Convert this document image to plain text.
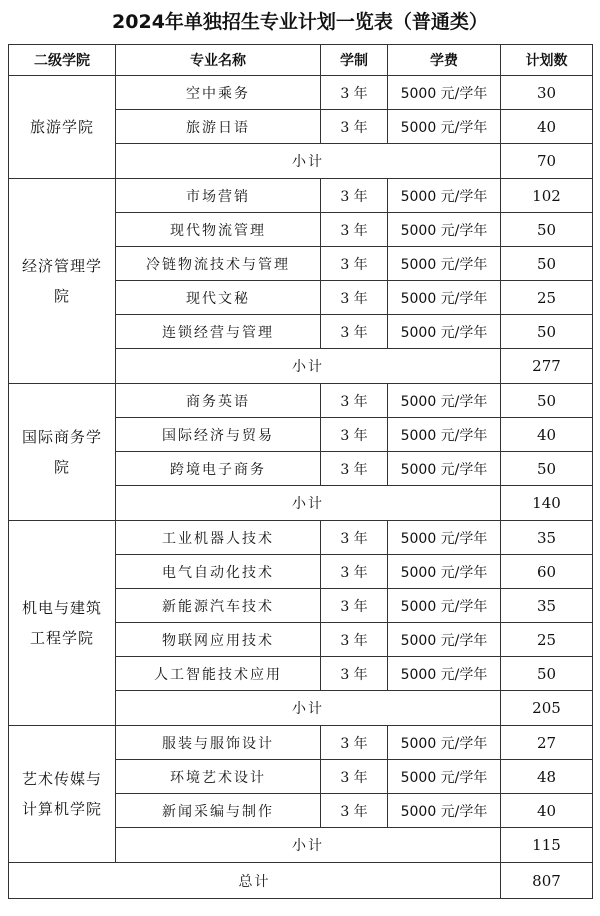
2024年单独招生专业计划一览表（普通类）
二级学院	专业名称	学制	学费	计划数
旅游学院	空中乘务	3 年	5000 元/学年	30
	旅游日语	3 年	5000 元/学年	40
	小计			70
经济管理学院	市场营销	3 年	5000 元/学年	102
	现代物流管理	3 年	5000 元/学年	50
	冷链物流技术与管理	3 年	5000 元/学年	50
	现代文秘	3 年	5000 元/学年	25
	连锁经营与管理	3 年	5000 元/学年	50
	小计			277
国际商务学院	商务英语	3 年	5000 元/学年	50
	国际经济与贸易	3 年	5000 元/学年	40
	跨境电子商务	3 年	5000 元/学年	50
	小计			140
机电与建筑工程学院	工业机器人技术	3 年	5000 元/学年	35
	电气自动化技术	3 年	5000 元/学年	60
	新能源汽车技术	3 年	5000 元/学年	35
	物联网应用技术	3 年	5000 元/学年	25
	人工智能技术应用	3 年	5000 元/学年	50
	小计			205
艺术传媒与计算机学院	服装与服饰设计	3 年	5000 元/学年	27
	环境艺术设计	3 年	5000 元/学年	48
	新闻采编与制作	3 年	5000 元/学年	40
	小计			115
总计				807
